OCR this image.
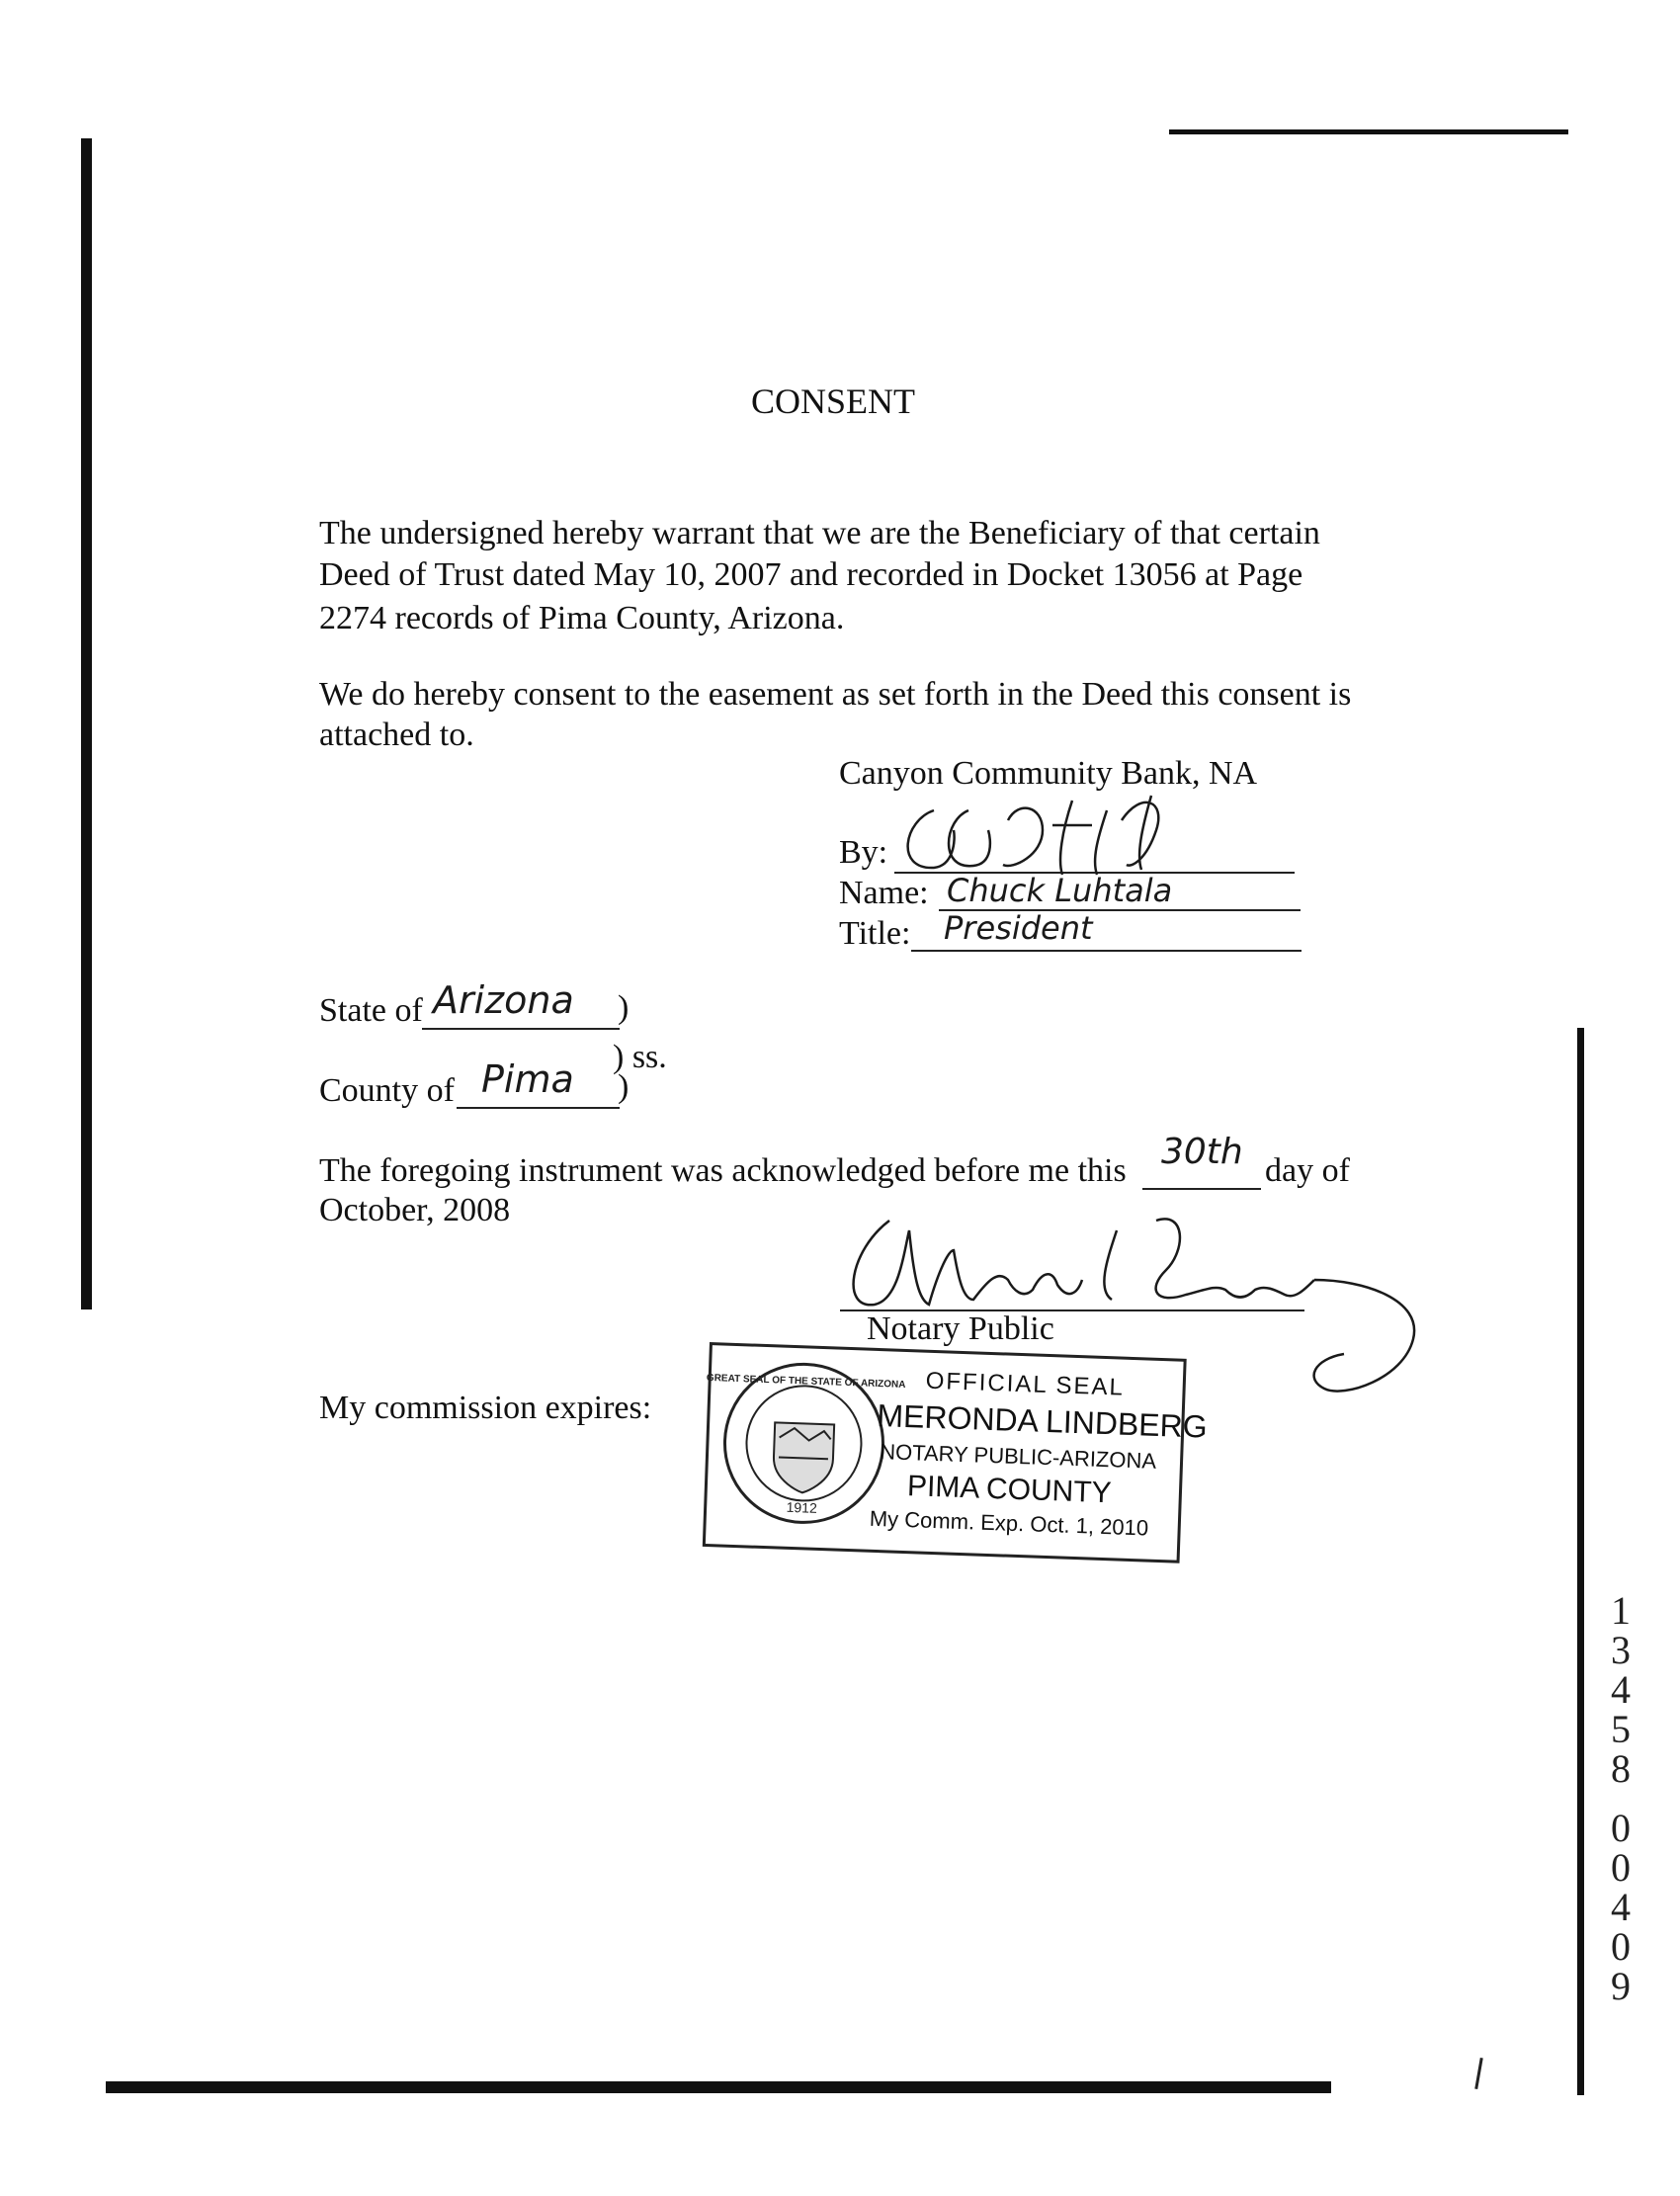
CONSENT
The undersigned hereby warrant that we are the Beneficiary of that certain
Deed of Trust dated May 10, 2007 and recorded in Docket 13056 at Page
2274 records of Pima County, Arizona.
We do hereby consent to the easement as set forth in the Deed this consent is
attached to.
Canyon Community Bank, NA
By:
Name: Chuck Luhtala
Title: President
State of Arizona )
) ss.
County of Pima )
The foregoing instrument was acknowledged before me this 30th day of
October, 2008
Notary Public
My commission expires:
1912
GREAT SEAL OF THE STATE OF ARIZONA OFFICIAL SEAL
MERONDA LINDBERG
NOTARY PUBLIC-ARIZONA
PIMA COUNTY
My Comm. Exp. Oct. 1, 2010
1
3
4
5
8
0
0
4
0
9
